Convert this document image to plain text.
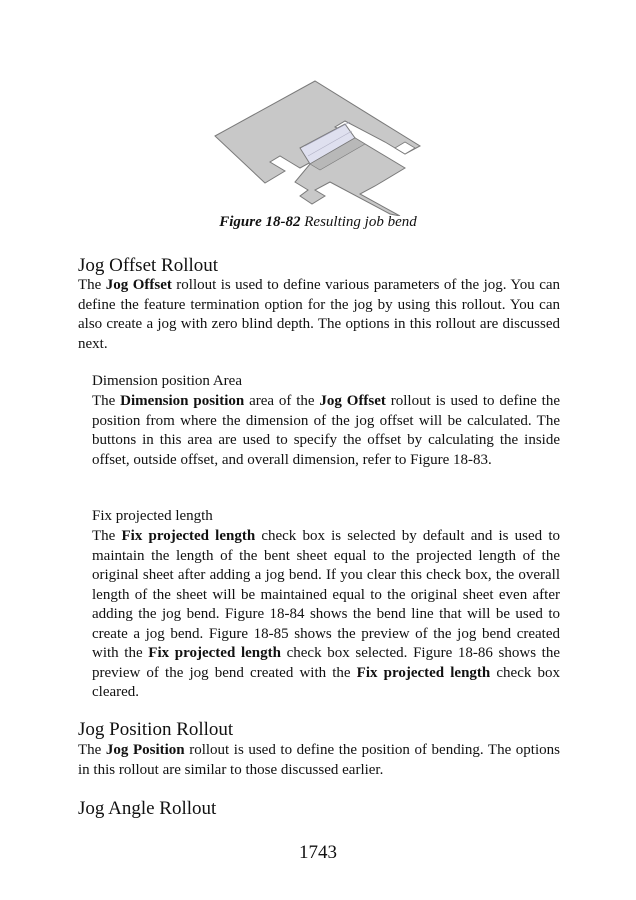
Figure 18-82 Resulting job bend
Jog Offset Rollout

The Jog Offset rollout is used to define various parameters of the jog. You can define the feature termination option for the jog by using this rollout. You can also create a jog with zero blind depth. The options in this rollout are discussed next.

Dimension position Area

The Dimension position area of the Jog Offset rollout is used to define the position from where the dimension of the jog offset will be calculated. The buttons in this area are used to specify the offset by calculating the inside offset, outside offset, and overall dimension, refer to Figure 18-83.

Fix projected length

The Fix projected length check box is selected by default and is used to maintain the length of the bent sheet equal to the projected length of the original sheet after adding a jog bend. If you clear this check box, the overall length of the sheet will be maintained equal to the original sheet even after adding the jog bend. Figure 18-84 shows the bend line that will be used to create a jog bend. Figure 18-85 shows the preview of the jog bend created with the Fix projected length check box selected. Figure 18-86 shows the preview of the jog bend created with the Fix projected length check box cleared.

Jog Position Rollout

The Jog Position rollout is used to define the position of bending. The options in this rollout are similar to those discussed earlier.

Jog Angle Rollout
1743
